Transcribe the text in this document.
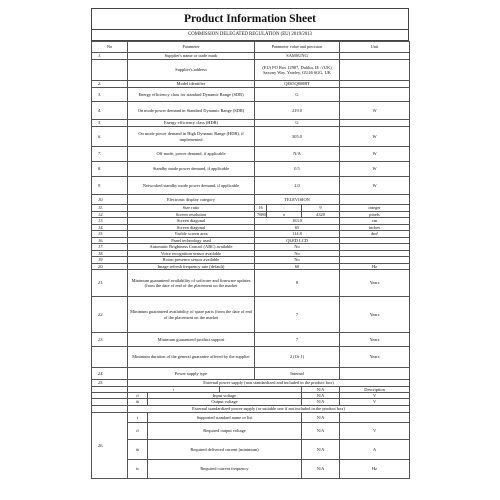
Product Information Sheet
COMMISSION DELEGATED REGULATION (EU) 2019/2013
No	Parameter			Parameter value and precision			Unit
1.	Supplier's name or trade mark			SAMSUNG			
	Supplier's address			(EU) PO Box 12987, Dublin, IE / (UK) Saxony Way, Yateley, GU46 6GG, UK			
2.	Model identifier			QE65Q800BT			
3.	Energy efficiency class for standard Dynamic Range (SDR)			G			
4.	On mode power demand in Standard Dynamic Range (SDR)			219.0			W
5.	Energy efficiency class (HDR)			G			
6.	On mode power demand in High Dynamic Range (HDR), if implemented			305.0			W
7.	Off mode, power demand, if applicable			N/A			W
8.	Standby mode power demand, if applicable			0.5			W
9.	Networked standby mode power demand, if applicable			2.0			W
10.	Electronic display category			TELEVISION			
11.	Size ratio			16	:	9	integer
12.	Screen resolution			7680	x	4320	pixels
13.	Screen diagonal			163.0			cm
14.	Screen diagonal			65			inches
15.	Visible screen area			114.8			dm²
16.	Panel technology used			QLED LCD			
17.	Automatic Brightness Control (ABC) available			No			
18.	Voice recognition sensor available			No			
19.	Room presence sensor available			No			
20.	Image refresh frequency rate (default)			60			Hz
21.	Minimum guaranteed availability of software and firmware updates (from the date of end of the placement on the market			8			Years
22.	Minimum guaranteed availability of spare parts (from the date of end of the placement on the market			7			Years
23.	Minimum guaranteed product support			7			Years
	Minimum duration of the general guarantee offered by the supplier			2 (Or 1)			Years
24.	Power supply type			Internal			
25.	External power supply (non standardized and included in the product box)						
	i					N/A	Description
	ii	Input voltage				N/A	V
	iii	Output voltage				N/A	V
	External standardized power supply (or suitable one if not included in the product box)						
26.	i	Supported standard name or list				N/A	
	ii	Required output voltage				N/A	V
	iii	Required delivered current (minimum)				N/A	A
	iv	Required current frequency				N/A	Hz
